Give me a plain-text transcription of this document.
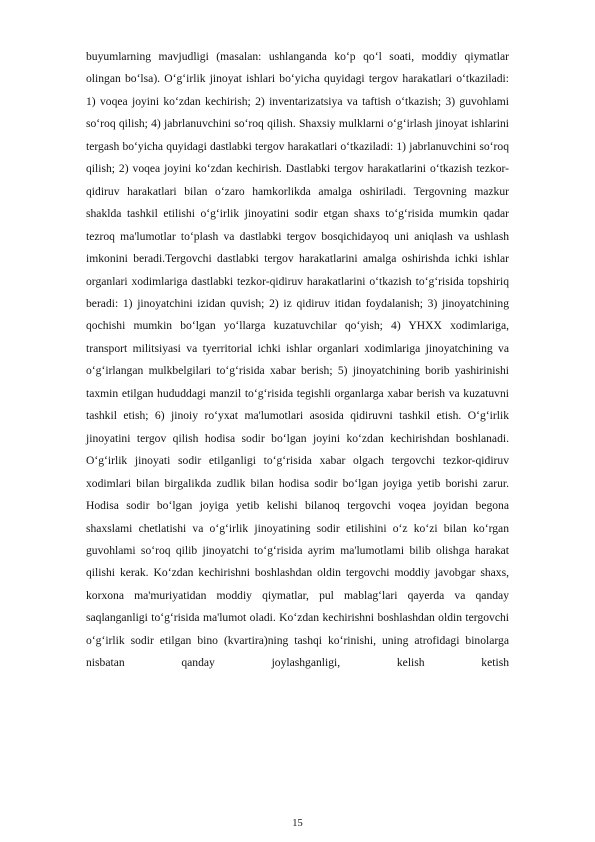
buyumlarning mavjudligi (masalan: ushlanganda ko‘p qo‘l soati, moddiy qiymatlar olingan bo‘lsa). O‘g‘irlik jinoyat ishlari bo‘yicha quyidagi tergov harakatlari o‘tkaziladi: 1) voqea joyini ko‘zdan kechirish; 2) inventarizatsiya va taftish o‘tkazish; 3) guvohlami so‘roq qilish; 4) jabrlanuvchini so‘roq qilish. Shaxsiy mulklarni o‘g‘irlash jinoyat ishlarini tergash bo‘yicha quyidagi dastlabki tergov harakatlari o‘tkaziladi: 1) jabrlanuvchini so‘roq qilish; 2) voqea joyini ko‘zdan kechirish. Dastlabki tergov harakatlarini o‘tkazish tezkor-qidiruv harakatlari bilan o‘zaro hamkorlikda amalga oshiriladi. Tergovning mazkur shaklda tashkil etilishi o‘g‘irlik jinoyatini sodir etgan shaxs to‘g‘risida mumkin qadar tezroq ma'lumotlar to‘plash va dastlabki tergov bosqichidayoq uni aniqlash va ushlash imkonini beradi.Tergovchi dastlabki tergov harakatlarini amalga oshirishda ichki ishlar organlari xodimlariga dastlabki tezkor-qidiruv harakatlarini o‘tkazish to‘g‘risida topshiriq beradi: 1) jinoyatchini izidan quvish; 2) iz qidiruv itidan foydalanish; 3) jinoyatchining qochishi mumkin bo‘lgan yo‘llarga kuzatuvchilar qo‘yish; 4) YHXX xodimlariga, transport militsiyasi va tyerritorial ichki ishlar organlari xodimlariga jinoyatchining va o‘g‘irlangan mulkbelgilari to‘g‘risida xabar berish; 5) jinoyatchining borib yashirinishi taxmin etilgan hududdagi manzil to‘g‘risida tegishli organlarga xabar berish va kuzatuvni tashkil etish; 6) jinoiy ro‘yxat ma'lumotlari asosida qidiruvni tashkil etish. O‘g‘irlik jinoyatini tergov qilish hodisa sodir bo‘lgan joyini ko‘zdan kechirishdan boshlanadi. O‘g‘irlik jinoyati sodir etilganligi to‘g‘risida xabar olgach tergovchi tezkor-qidiruv xodimlari bilan birgalikda zudlik bilan hodisa sodir bo‘lgan joyiga yetib borishi zarur. Hodisa sodir bo‘lgan joyiga yetib kelishi bilanoq tergovchi voqea joyidan begona shaxslami chetlatishi va o‘g‘irlik jinoyatining sodir etilishini o‘z ko‘zi bilan ko‘rgan guvohlami so‘roq qilib jinoyatchi to‘g‘risida ayrim ma'lumotlami bilib olishga harakat qilishi kerak. Ko‘zdan kechirishni boshlashdan oldin tergovchi moddiy javobgar shaxs, korxona ma'muriyatidan moddiy qiymatlar, pul mablag‘lari qayerda va qanday saqlanganligi to‘g‘risida ma'lumot oladi. Ko‘zdan kechirishni boshlashdan oldin tergovchi o‘g‘irlik sodir etilgan bino (kvartira)ning tashqi ko‘rinishi, uning atrofidagi binolarga nisbatan qanday joylashganligi, kelish ketish

15
